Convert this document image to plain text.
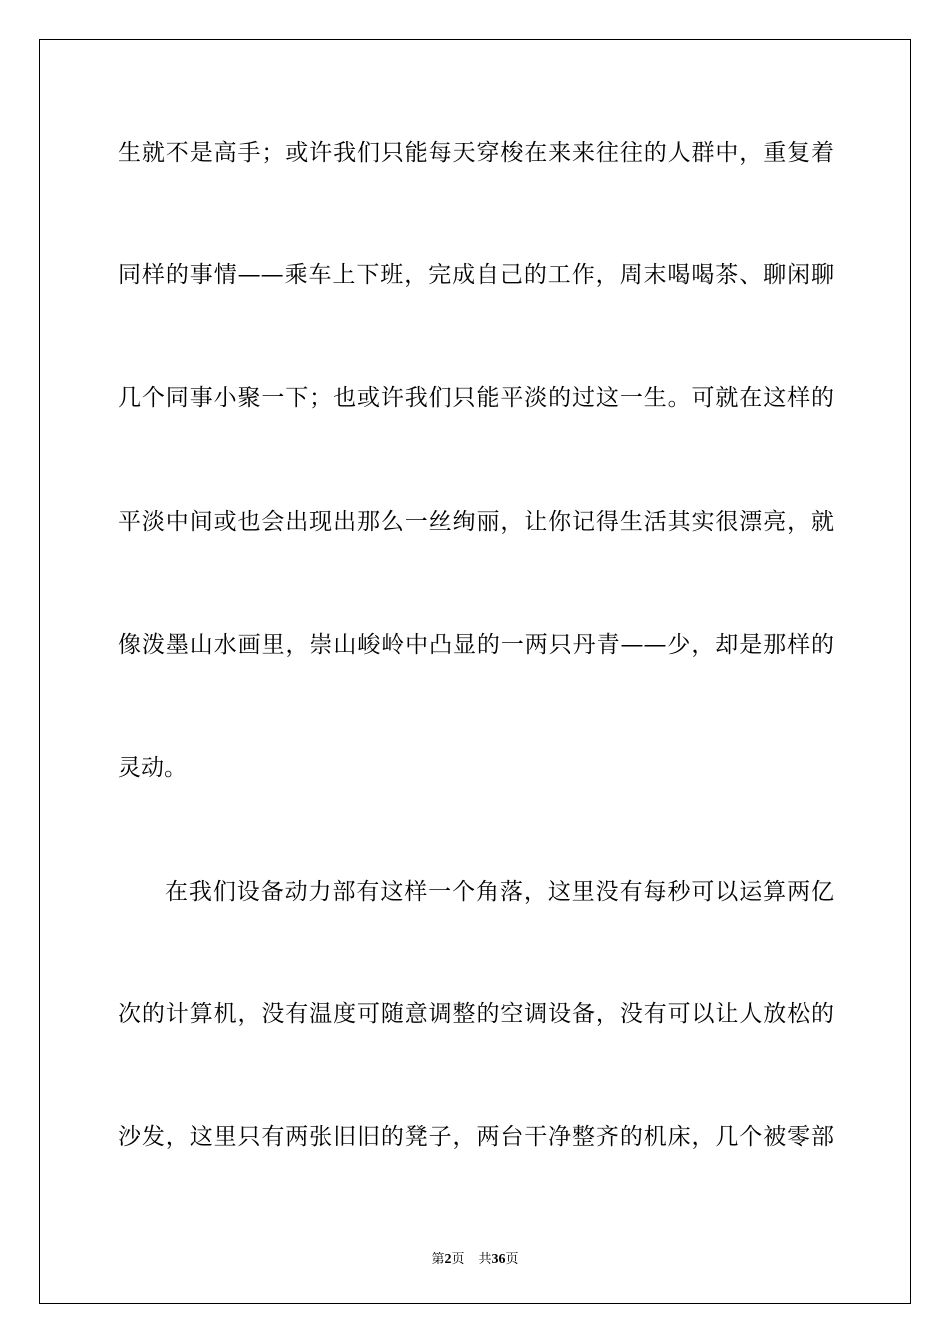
生就不是高手；或许我们只能每天穿梭在来来往往的人群中，重复着
同样的事情——乘车上下班，完成自己的工作，周末喝喝茶、聊闲聊
几个同事小聚一下；也或许我们只能平淡的过这一生。可就在这样的
平淡中间或也会出现出那么一丝绚丽，让你记得生活其实很漂亮，就
像泼墨山水画里，崇山峻岭中凸显的一两只丹青——少，却是那样的
灵动。
在我们设备动力部有这样一个角落，这里没有每秒可以运算两亿
次的计算机，没有温度可随意调整的空调设备，没有可以让人放松的
沙发，这里只有两张旧旧的凳子，两台干净整齐的机床，几个被零部
第2页 共36页
